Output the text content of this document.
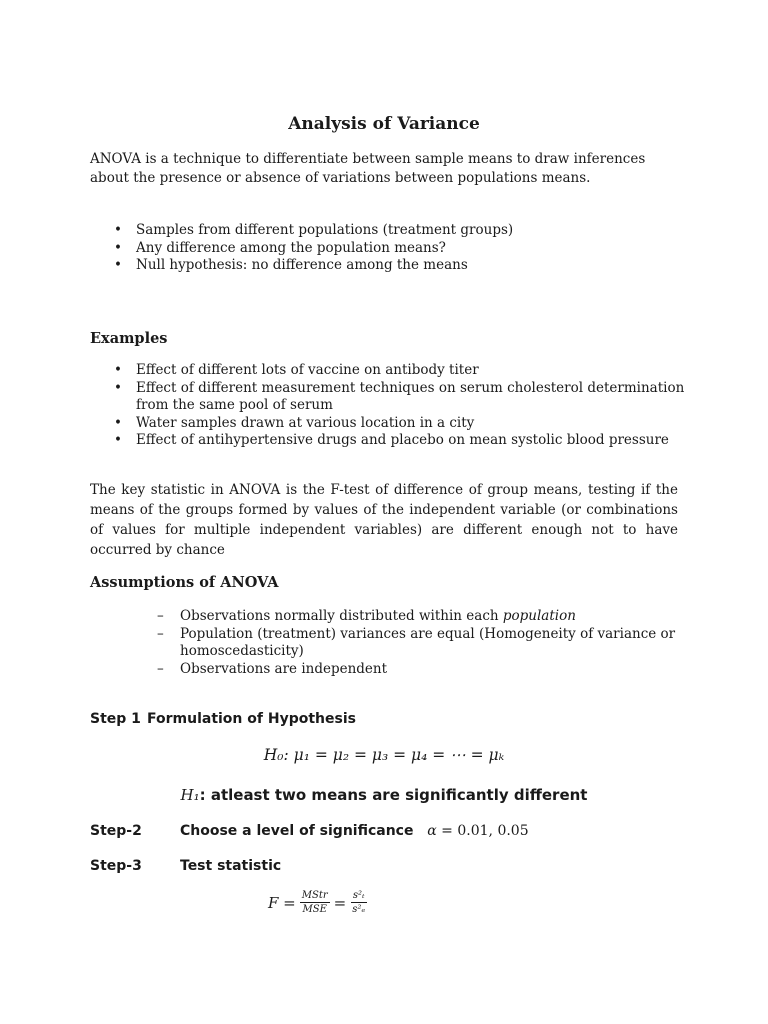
Analysis of Variance
ANOVA is a technique to differentiate between sample means to draw inferences about the presence or absence of variations between populations means.
• Samples from different populations (treatment groups)
• Any difference among the population means?
• Null hypothesis: no difference among the means
Examples
• Effect of different lots of vaccine on antibody titer
• Effect of different measurement techniques on serum cholesterol determination from the same pool of serum
• Water samples drawn at various location in a city
• Effect of antihypertensive drugs and placebo on mean systolic blood pressure
The key statistic in ANOVA is the F-test of difference of group means, testing if the means of the groups formed by values of the independent variable (or combinations of values for multiple independent variables) are different enough not to have occurred by chance
Assumptions of ANOVA
– Observations normally distributed within each population
– Population (treatment) variances are equal (Homogeneity of variance or homoscedasticity)
– Observations are independent
Step 1 Formulation of Hypothesis
H₀: μ₁ = μ₂ = μ₃ = μ₄ = ⋯ = μₖ
H₁: atleast two means are significantly different
Step-2	Choose a level of significance α = 0.01, 0.05
Step-3	Test statistic
$F = \frac{\text{MStr}}{\text{MSE}} = \frac{\text{s²ₜ}}{\text{s²ₑ}}$
